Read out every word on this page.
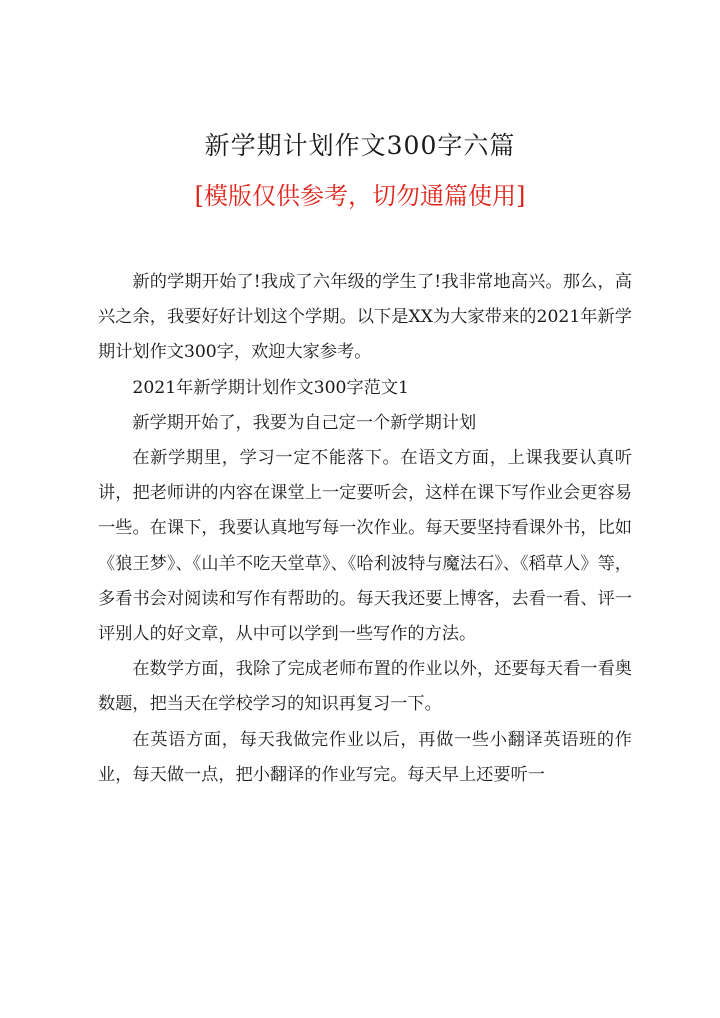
新学期计划作文300字六篇
[模版仅供参考，切勿通篇使用]

新的学期开始了!我成了六年级的学生了!我非常地高兴。那么，高兴之余，我要好好计划这个学期。以下是XX为大家带来的2021年新学期计划作文300字，欢迎大家参考。

2021年新学期计划作文300字范文1

新学期开始了，我要为自己定一个新学期计划

在新学期里，学习一定不能落下。在语文方面，上课我要认真听讲，把老师讲的内容在课堂上一定要听会，这样在课下写作业会更容易一些。在课下，我要认真地写每一次作业。每天要坚持看课外书，比如《狼王梦》、《山羊不吃天堂草》、《哈利波特与魔法石》、《稻草人》等，多看书会对阅读和写作有帮助的。每天我还要上博客，去看一看、评一评别人的好文章，从中可以学到一些写作的方法。

在数学方面，我除了完成老师布置的作业以外，还要每天看一看奥数题，把当天在学校学习的知识再复习一下。

在英语方面，每天我做完作业以后，再做一些小翻译英语班的作业，每天做一点，把小翻译的作业写完。每天早上还要听一
